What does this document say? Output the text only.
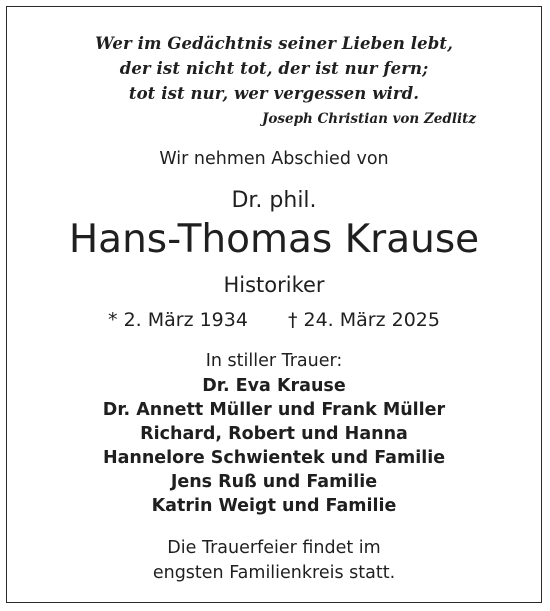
Wer im Gedächtnis seiner Lieben lebt,

der ist nicht tot, der ist nur fern;

tot ist nur, wer vergessen wird.

Joseph Christian von Zedlitz

Wir nehmen Abschied von

Dr. phil.

Hans-Thomas Krause

Historiker

* 2. März 1934 † 24. März 2025

In stiller Trauer:

Dr. Eva Krause

Dr. Annett Müller und Frank Müller

Richard, Robert und Hanna

Hannelore Schwientek und Familie

Jens Ruß und Familie

Katrin Weigt und Familie

Die Trauerfeier findet im

engsten Familienkreis statt.
